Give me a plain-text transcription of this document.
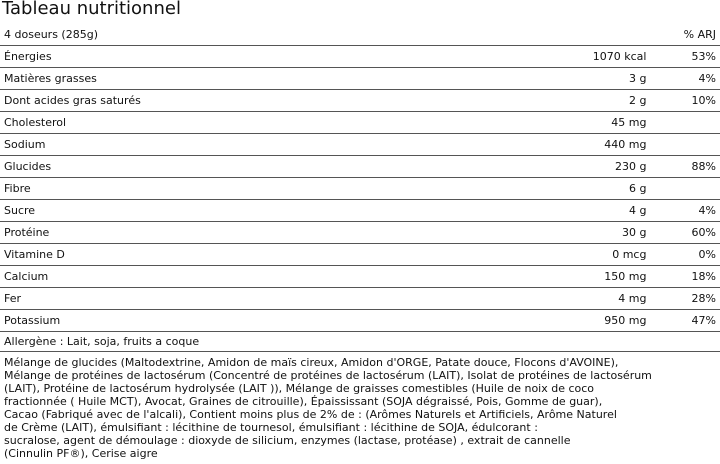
Tableau nutritionnel
4 doseurs (285g)		% ARJ
Énergies	1070 kcal	53%
Matières grasses	3 g	4%
Dont acides gras saturés	2 g	10%
Cholesterol	45 mg	
Sodium	440 mg	
Glucides	230 g	88%
Fibre	6 g	
Sucre	4 g	4%
Protéine	30 g	60%
Vitamine D	0 mcg	0%
Calcium	150 mg	18%
Fer	4 mg	28%
Potassium	950 mg	47%
Allergène : Lait, soja, fruits a coque
Mélange de glucides (Maltodextrine, Amidon de maïs cireux, Amidon d'ORGE, Patate douce, Flocons d'AVOINE),
Mélange de protéines de lactosérum (Concentré de protéines de lactosérum (LAIT), Isolat de protéines de lactosérum
(LAIT), Protéine de lactosérum hydrolysée (LAIT )), Mélange de graisses comestibles (Huile de noix de coco
fractionnée ( Huile MCT), Avocat, Graines de citrouille), Épaississant (SOJA dégraissé, Pois, Gomme de guar),
Cacao (Fabriqué avec de l'alcali), Contient moins plus de 2% de : (Arômes Naturels et Artificiels, Arôme Naturel
de Crème (LAIT), émulsifiant : lécithine de tournesol, émulsifiant : lécithine de SOJA, édulcorant :
sucralose, agent de démoulage : dioxyde de silicium, enzymes (lactase, protéase) , extrait de cannelle
(Cinnulin PF®), Cerise aigre
